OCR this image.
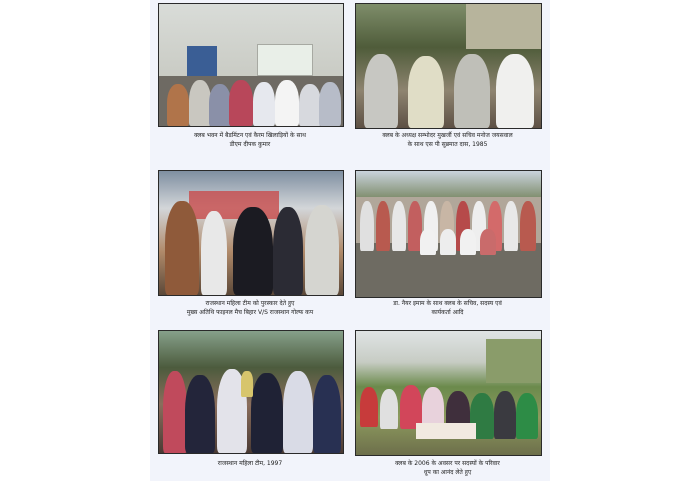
क्लब भवन में बैडमिंटन एवं कैरम खिलाड़ियों के साथ
डीएम दीपक कुमार
क्लब के अध्यक्ष सम्भोदर मुखर्जी एवं सचिव मनोज जयसवाल
के साथ एस पी सुब्रमात दास, 1985
राजस्थान महिला टीम को पुरस्कार देते हुए
मुख्य अतिथि फाइनल मैच बिहार V/S राजस्थान गोल्फ कप
डा. नैयर इमाम के साथ क्लब के सचिव, सदस्य एवं
कार्यकर्ता आदि
राजस्थान महिला टीम, 1997	क्लब के 2006 के अवसर पर सदस्यों के परिवार
धूप का आनंद लेते हुए
